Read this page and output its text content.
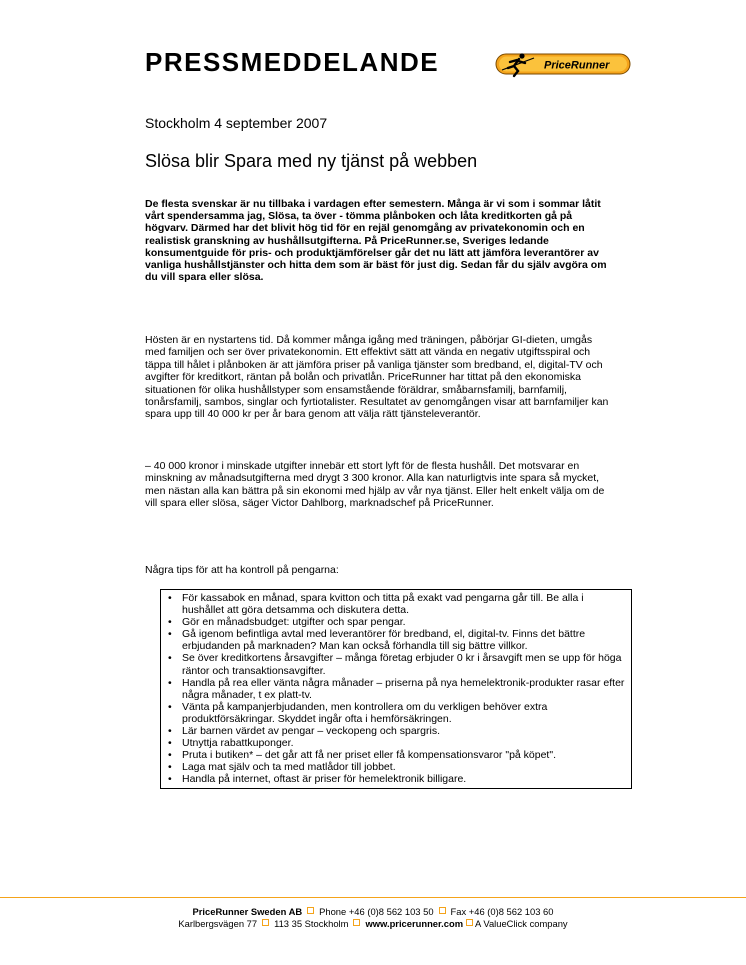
PRESSMEDDELANDE	PriceRunner
Stockholm 4 september 2007
Slösa blir Spara med ny tjänst på webben

De flesta svenskar är nu tillbaka i vardagen efter semestern. Många är vi som i sommar låtit vårt spendersamma jag, Slösa, ta över - tömma plånboken och låta kreditkorten gå på högvarv. Därmed har det blivit hög tid för en rejäl genomgång av privatekonomin och en realistisk granskning av hushållsutgifterna. På PriceRunner.se, Sveriges ledande konsumentguide för pris- och produktjämförelser går det nu lätt att jämföra leverantörer av vanliga hushållstjänster och hitta dem som är bäst för just dig. Sedan får du själv avgöra om du vill spara eller slösa.

Hösten är en nystartens tid. Då kommer många igång med träningen, påbörjar GI-dieten, umgås med familjen och ser över privatekonomin. Ett effektivt sätt att vända en negativ utgiftsspiral och täppa till hålet i plånboken är att jämföra priser på vanliga tjänster som bredband, el, digital-TV och avgifter för kreditkort, räntan på bolån och privatlån. PriceRunner har tittat på den ekonomiska situationen för olika hushållstyper som ensamstående föräldrar, småbarnsfamilj, barnfamilj, tonårsfamilj, sambos, singlar och fyrtiotalister. Resultatet av genomgången visar att barnfamiljer kan spara upp till 40 000 kr per år bara genom att välja rätt tjänsteleverantör.

– 40 000 kronor i minskade utgifter innebär ett stort lyft för de flesta hushåll. Det motsvarar en minskning av månadsutgifterna med drygt 3 300 kronor. Alla kan naturligtvis inte spara så mycket, men nästan alla kan bättra på sin ekonomi med hjälp av vår nya tjänst. Eller helt enkelt välja om de vill spara eller slösa, säger Victor Dahlborg, marknadschef på PriceRunner.

Några tips för att ha kontroll på pengarna:

• För kassabok en månad, spara kvitton och titta på exakt vad pengarna går till. Be alla i hushållet att göra detsamma och diskutera detta.
• Gör en månadsbudget: utgifter och spar pengar.
• Gå igenom befintliga avtal med leverantörer för bredband, el, digital-tv. Finns det bättre erbjudanden på marknaden? Man kan också förhandla till sig bättre villkor.
• Se över kreditkortens årsavgifter – många företag erbjuder 0 kr i årsavgift men se upp för höga räntor och transaktionsavgifter.
• Handla på rea eller vänta några månader – priserna på nya hemelektronik-produkter rasar efter några månader, t ex platt-tv.
• Vänta på kampanjerbjudanden, men kontrollera om du verkligen behöver extra produktförsäkringar. Skyddet ingår ofta i hemförsäkringen.
• Lär barnen värdet av pengar – veckopeng och spargris.
• Utnyttja rabattkuponger.
• Pruta i butiken* – det går att få ner priset eller få kompensationsvaror "på köpet".
• Laga mat själv och ta med matlådor till jobbet.
• Handla på internet, oftast är priser för hemelektronik billigare.
PriceRunner Sweden AB Phone +46 (0)8 562 103 50 Fax +46 (0)8 562 103 60
Karlbergsvägen 77 113 35 Stockholm www.pricerunner.com A ValueClick company
